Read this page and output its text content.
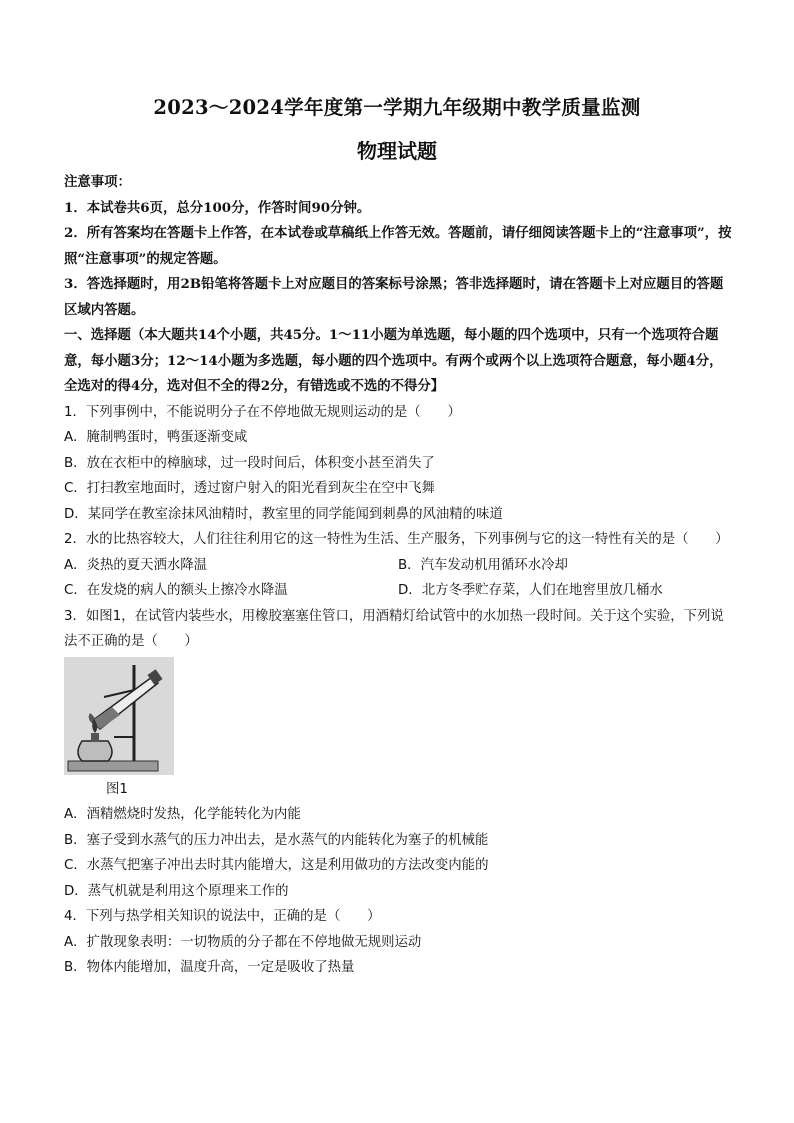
2023～2024学年度第一学期九年级期中教学质量监测
物理试题
注意事项：
1．本试卷共6页，总分100分，作答时间90分钟。
2．所有答案均在答题卡上作答，在本试卷或草稿纸上作答无效。答题前，请仔细阅读答题卡上的“注意事项”，按照“注意事项”的规定答题。
3．答选择题时，用2B铅笔将答题卡上对应题目的答案标号涂黑；答非选择题时，请在答题卡上对应题目的答题区域内答题。
一、选择题（本大题共14个小题，共45分。1～11小题为单选题，每小题的四个选项中，只有一个选项符合题意，每小题3分；12～14小题为多选题，每小题的四个选项中。有两个或两个以上选项符合题意，每小题4分，全选对的得4分，选对但不全的得2分，有错选或不选的不得分】
1．下列事例中，不能说明分子在不停地做无规则运动的是（　　）
A．腌制鸭蛋时，鸭蛋逐渐变咸
B．放在衣柜中的樟脑球，过一段时间后，体积变小甚至消失了
C．打扫教室地面时，透过窗户射入的阳光看到灰尘在空中飞舞
D．某同学在教室涂抹风油精时，教室里的同学能闻到刺鼻的风油精的味道
2．水的比热容较大，人们往往利用它的这一特性为生活、生产服务，下列事例与它的这一特性有关的是（　　）
A．炎热的夏天洒水降温	B．汽车发动机用循环水冷却
C．在发烧的病人的额头上擦冷水降温	D．北方冬季贮存菜，人们在地窖里放几桶水
3．如图1，在试管内装些水，用橡胶塞塞住管口，用酒精灯给试管中的水加热一段时间。关于这个实验，下列说法不正确的是（　　）
图1
A．酒精燃烧时发热，化学能转化为内能
B．塞子受到水蒸气的压力冲出去，是水蒸气的内能转化为塞子的机械能
C．水蒸气把塞子冲出去时其内能增大，这是利用做功的方法改变内能的
D．蒸气机就是利用这个原理来工作的
4．下列与热学相关知识的说法中，正确的是（　　）
A．扩散现象表明：一切物质的分子都在不停地做无规则运动
B．物体内能增加，温度升高，一定是吸收了热量
